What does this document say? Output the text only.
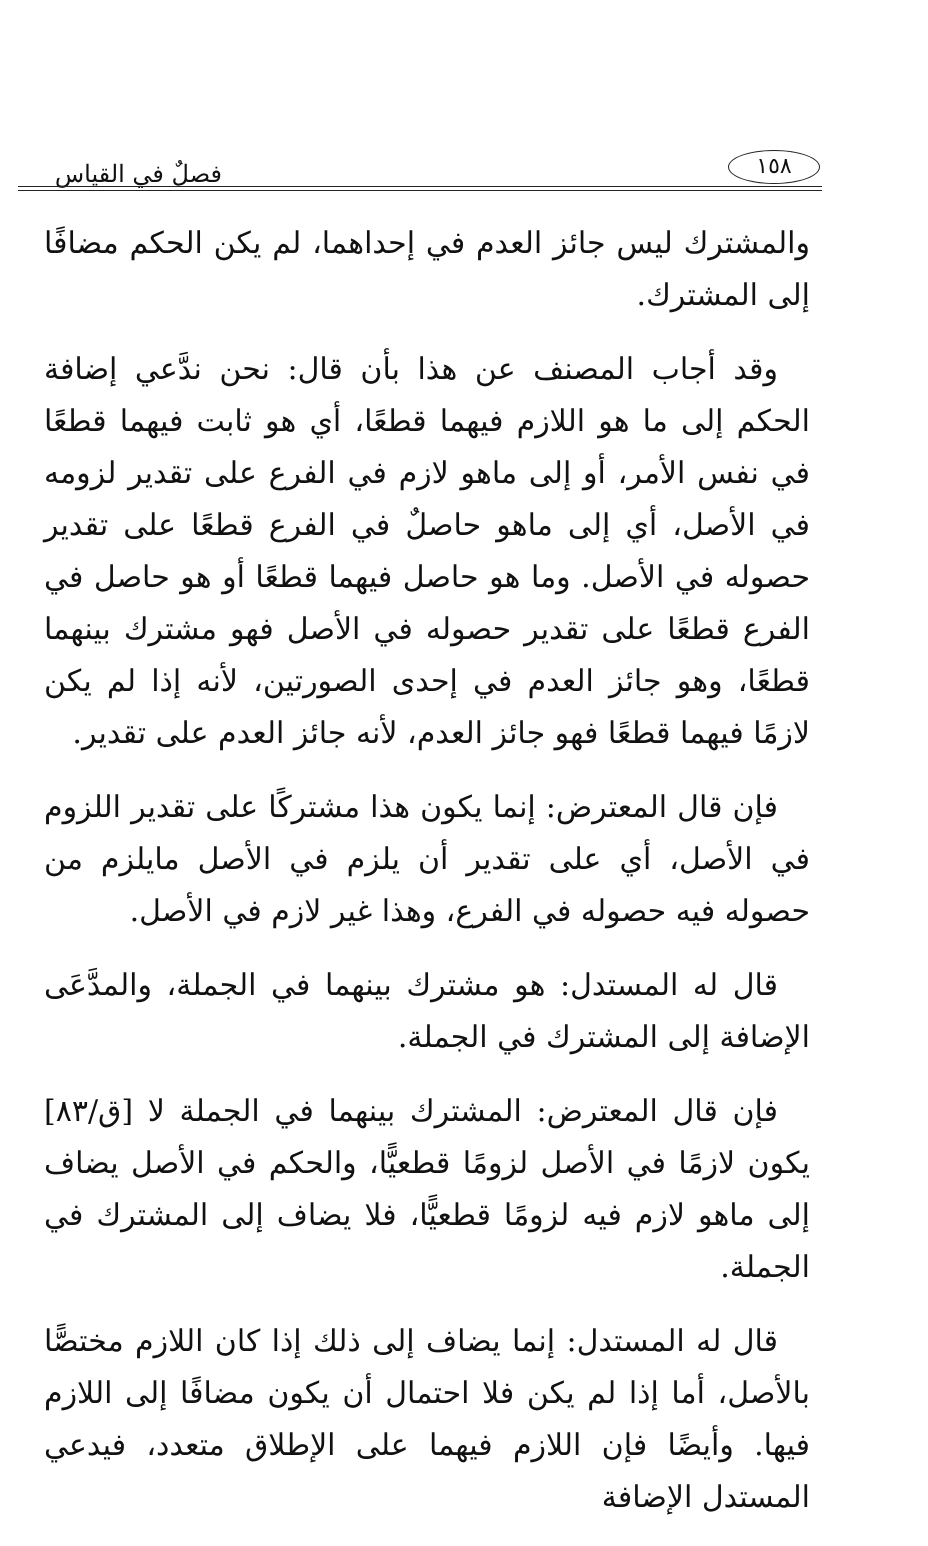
١٥٨
فصلٌ في القياس

والمشترك ليس جائز العدم في إحداهما، لم يكن الحكم مضافًا إلى المشترك.

وقد أجاب المصنف عن هذا بأن قال: نحن ندَّعي إضافة الحكم إلى ما هو اللازم فيهما قطعًا، أي هو ثابت فيهما قطعًا في نفس الأمر، أو إلى ماهو لازم في الفرع على تقدير لزومه في الأصل، أي إلى ماهو حاصلٌ في الفرع قطعًا على تقدير حصوله في الأصل. وما هو حاصل فيهما قطعًا أو هو حاصل في الفرع قطعًا على تقدير حصوله في الأصل فهو مشترك بينهما قطعًا، وهو جائز العدم في إحدى الصورتين، لأنه إذا لم يكن لازمًا فيهما قطعًا فهو جائز العدم، لأنه جائز العدم على تقدير.

فإن قال المعترض: إنما يكون هذا مشتركًا على تقدير اللزوم في الأصل، أي على تقدير أن يلزم في الأصل مايلزم من حصوله فيه حصوله في الفرع، وهذا غير لازم في الأصل.

قال له المستدل: هو مشترك بينهما في الجملة، والمدَّعَى الإضافة إلى المشترك في الجملة.

فإن قال المعترض: المشترك بينهما في الجملة لا [ق/٨٣] يكون لازمًا في الأصل لزومًا قطعيًّا، والحكم في الأصل يضاف إلى ماهو لازم فيه لزومًا قطعيًّا، فلا يضاف إلى المشترك في الجملة.

قال له المستدل: إنما يضاف إلى ذلك إذا كان اللازم مختصًّا بالأصل، أما إذا لم يكن فلا احتمال أن يكون مضافًا إلى اللازم فيها. وأيضًا فإن اللازم فيهما على الإطلاق متعدد، فيدعي المستدل الإضافة
